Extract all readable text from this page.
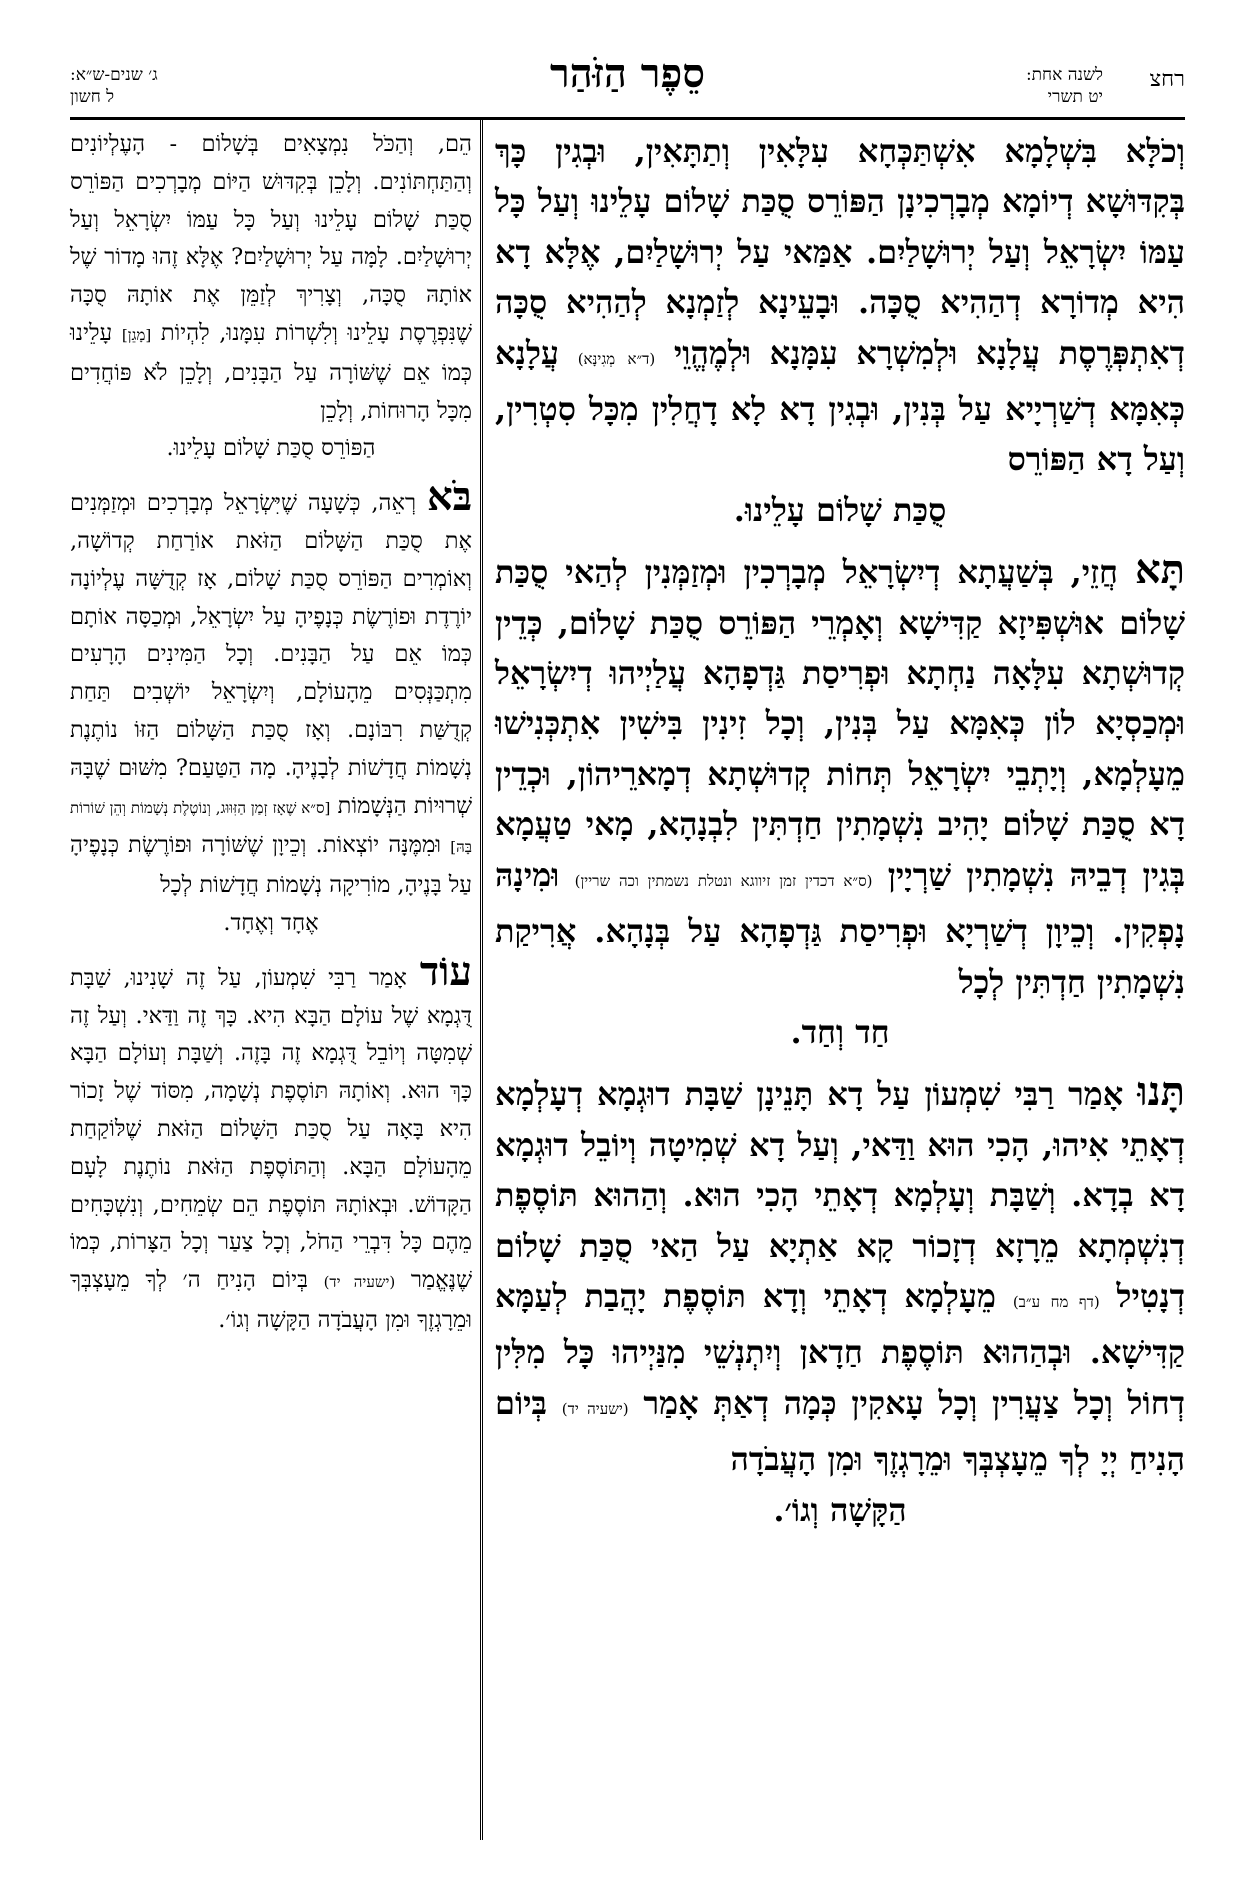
רחצ
לשנה אחת:
יט תשרי
סֵפֶר הַזֹּהַר
ג׳ שנים-ש״א:
ל חשון

וְכֹלָּא בִּשְׁלָמָא אִשְׁתַּכְּחָא עִלָּאִין וְתַתָּאִין, וּבְגִין כָּךְ בְּקִדּוּשָׁא דְיוֹמָא מְבָרְכִינָן הַפּוֹרֵס סֻכַּת שָׁלוֹם עָלֵינוּ וְעַל כָּל עַמּוֹ יִשְׂרָאֵל וְעַל יְרוּשָׁלַיִם. אַמַּאי עַל יְרוּשָׁלַיִם, אֶלָּא דָא הִיא מְדוֹרָא דְהַהִיא סֻכָּה. וּבָעֵינָא לְזַמְנָא לְהַהִיא סֻכָּה דְאִתְפְּרֶסֶת עֲלָנָא וּלְמִשְׁרָא עִמָּנָא וּלְמֶהֱוֵי (ד״א מְגִינָּא) עֲלָנָא כְּאִמָּא דְשַׁרְיָיא עַל בְּנִין, וּבְגִין דָא לָא דָחֲלִין מִכָּל סִטְרִין, וְעַל דָא הַפּוֹרֵס
סֻכַּת שָׁלוֹם עָלֵינוּ.

תָּא חֲזֵי, בְּשַׁעֲתָא דְיִשְׂרָאֵל מְבָרְכִין וּמְזַמְּנִין לְהַאי סֻכַּת שָׁלוֹם אוּשְׁפִּיזָא קַדִּישָׁא וְאָמְרֵי הַפּוֹרֵס סֻכַּת שָׁלוֹם, כְּדֵין קְדוּשְׁתָא עִלָּאָה נַחְתָא וּפְרִיסַת גַּדְפָהָא עֲלַיְיהוּ דְיִשְׂרָאֵל וּמְכַסְיָא לוֹן כְּאִמָּא עַל בְּנִין, וְכָל זִינִין בִּישִׁין אִתְכְּנִישׁוּ מֵעָלְמָא, וְיָתְבֵי יִשְׂרָאֵל תְּחוֹת קְדוּשְׁתָא דְמָארֵיהוֹן, וּכְדֵין דָא סֻכַּת שָׁלוֹם יָהִיב נִשְׁמָתִין חַדְתִּין לִבְנָהָא, מָאי טַעֲמָא בְּגִין דְבֵיהּ נִשְׁמָתִין שַׁרְיָין (ס״א דכדין זמן זיווגא ונטלת נשמתין וכה שריין) וּמִינָהּ נָפְקִין. וְכֵיוָן דְשַׁרְיָא וּפְרִיסַת גַּדְפָהָא עַל בְּנָהָא. אֲרִיקַת נִשְׁמָתִין חַדְתִּין לְכָל
חַד וְחַד.

תָּנוּ אָמַר רַבִּי שִׁמְעוֹן עַל דָא תָּנֵינָן שַׁבָּת דוּגְמָא דְעָלְמָא דְאָתֵי אִיהוּ, הָכִי הוּא וַדַּאי, וְעַל דָא שְׁמִיטָה וְיוֹבֵל דוּגְמָא דָא בְדָא. וְשַׁבָּת וְעָלְמָא דְאָתֵי הָכִי הוּא. וְהַהוּא תּוֹסֶפֶת דְנִשְׁמְתָא מֵרָזָא דְזָכוֹר קָא אַתְיָא עַל הַאי סֻכַּת שָׁלוֹם דְנָטִיל (דף מח ע״ב) מֵעָלְמָא דְאָתֵי וְדָא תּוֹסֶפֶת יָהֲבַת לְעַמָּא קַדִּישָׁא. וּבְהַהוּא תּוֹסֶפֶת חַדָאן וְיִתְנְשֵׁי מִנַּיְיהוּ כָּל מִלִּין דְחוֹל וְכָל צַעֲרִין וְכָל עָאקִין כְּמָה דְאַתְּ אָמַר (ישעיה יד) בְּיוֹם הָנִיחַ יְיָ לְךָ מֵעָצְבְּךָ וּמֵרָגְזֶךָ וּמִן הָעֲבֹדָה
הַקָּשָׁה וְגוֹ׳.

הֵם, וְהַכֹּל נִמְצָאִים בְּשָׁלוֹם - הָעֶלְיוֹנִים וְהַתַּחְתּוֹנִים. וְלָכֵן בְּקִדּוּשׁ הַיּוֹם מְבָרְכִים הַפּוֹרֵס סֻכַּת שָׁלוֹם עָלֵינוּ וְעַל כָּל עַמּוֹ יִשְׂרָאֵל וְעַל יְרוּשָׁלַיִם. לָמָּה עַל יְרוּשָׁלַיִם? אֶלָּא זֶהוּ מָדוֹר שֶׁל אוֹתָהּ סֻכָּה, וְצָרִיךְ לְזַמֵּן אֶת אוֹתָהּ סֻכָּה שֶׁנִּפְרֶסֶת עָלֵינוּ וְלִשְׁרוֹת עִמָּנוּ, לִהְיוֹת [מָגֵן] עָלֵינוּ כְּמוֹ אֵם שֶׁשּׁוֹרָה עַל הַבָּנִים, וְלָכֵן לֹא פּוֹחֲדִים מִכָּל הָרוּחוֹת, וְלָכֵן
הַפּוֹרֵס סֻכַּת שָׁלוֹם עָלֵינוּ.

בֹּא רְאֵה, כְּשָׁעָה שֶׁיִּשְׂרָאֵל מְבָרְכִים וּמְזַמְּנִים אֶת סֻכַּת הַשָּׁלוֹם הַזֹּאת אוֹרַחַת קְדוֹשָׁה, וְאוֹמְרִים הַפּוֹרֵס סֻכַּת שָׁלוֹם, אָז קְדֻשָּׁה עֶלְיוֹנָה יוֹרֶדֶת וּפוֹרֶשֶׂת כְּנָפֶיהָ עַל יִשְׂרָאֵל, וּמְכַסָּה אוֹתָם כְּמוֹ אֵם עַל הַבָּנִים. וְכָל הַמִּינִים הָרָעִים מִתְכַּנְּסִים מֵהָעוֹלָם, וְיִשְׂרָאֵל יוֹשְׁבִים תַּחַת קְדֻשַּׁת רִבּוֹנָם. וְאָז סֻכַּת הַשָּׁלוֹם הַזּוֹ נוֹתֶנֶת נְשָׁמוֹת חֲדָשׁוֹת לְבָנֶיהָ. מָה הַטַּעַם? מִשּׁוּם שֶׁבָּהּ שְׁרוּיוֹת הַנְּשָׁמוֹת [ס״א שֶׁאָז זְמַן הַזִּוּוּג, וְנוֹטֶלֶת נְשָׁמוֹת וְהֵן שׁוֹרוֹת בָּהּ] וּמִמֶּנָּה יוֹצְאוֹת. וְכֵיוָן שֶׁשּׁוֹרָה וּפוֹרֶשֶׂת כְּנָפֶיהָ עַל בָּנֶיהָ, מוֹרִיקָה נְשָׁמוֹת חֲדָשׁוֹת לְכָל
אֶחָד וְאֶחָד.

עוֹד אָמַר רַבִּי שִׁמְעוֹן, עַל זֶה שָׁנִינוּ, שַׁבָּת דֻּגְמָא שֶׁל עוֹלָם הַבָּא הִיא. כָּךְ זֶה וַדַּאי. וְעַל זֶה שְׁמִטָּה וְיוֹבֵל דֻּגְמָא זֶה בָּזֶה. וְשַׁבָּת וְעוֹלָם הַבָּא כָּךְ הוּא. וְאוֹתָהּ תּוֹסֶפֶת נְשָׁמָה, מִסּוֹד שֶׁל זָכוֹר הִיא בָּאָה עַל סֻכַּת הַשָּׁלוֹם הַזֹּאת שֶׁלּוֹקַחַת מֵהָעוֹלָם הַבָּא. וְהַתּוֹסֶפֶת הַזֹּאת נוֹתֶנֶת לָעָם הַקָּדוֹשׁ. וּבְאוֹתָהּ תּוֹסֶפֶת הֵם שְׂמֵחִים, וְנִשְׁכָּחִים מֵהֶם כָּל דִּבְרֵי הַחֹל, וְכָל צַעַר וְכָל הַצָּרוֹת, כְּמוֹ שֶׁנֶּאֱמַר (ישעיה יד) בְּיוֹם הָנִיחַ ה׳ לְךָ מֵעָצְבְּךָ וּמֵרָגְזֶךָ וּמִן הָעֲבֹדָה הַקָּשָׁה וְגוֹ׳.
